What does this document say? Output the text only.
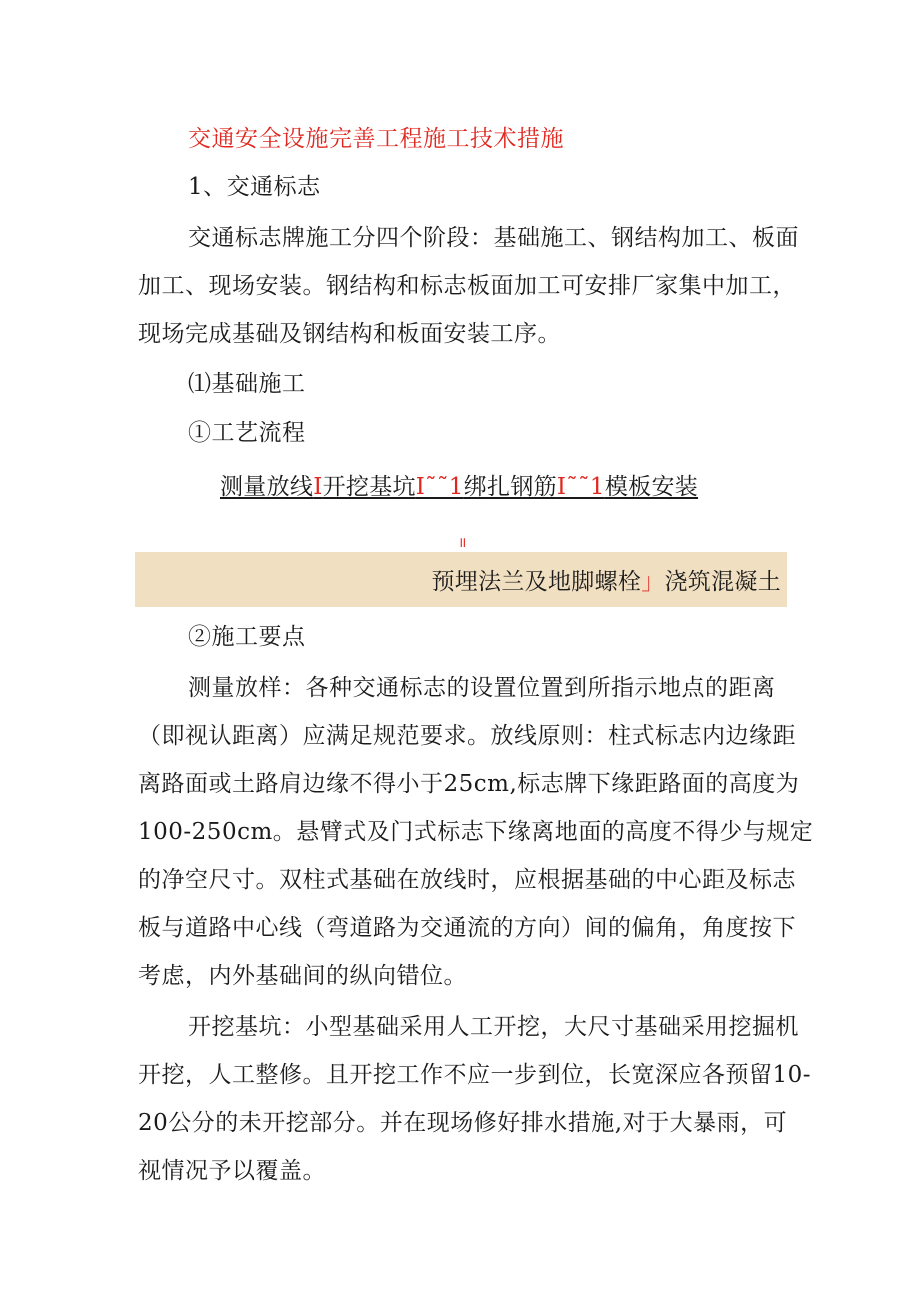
交通安全设施完善工程施工技术措施
1、交通标志
交通标志牌施工分四个阶段：基础施工、钢结构加工、板面
加工、现场安装。钢结构和标志板面加工可安排厂家集中加工，
现场完成基础及钢结构和板面安装工序。
⑴基础施工
①工艺流程
测量放线I开挖基坑I˜˜1绑扎钢筋I˜˜1模板安装
॥
预埋法兰及地脚螺栓」浇筑混凝土
②施工要点
测量放样：各种交通标志的设置位置到所指示地点的距离
（即视认距离）应满足规范要求。放线原则：柱式标志内边缘距
离路面或土路肩边缘不得小于25cm,标志牌下缘距路面的高度为
100-250cm。悬臂式及门式标志下缘离地面的高度不得少与规定
的净空尺寸。双柱式基础在放线时，应根据基础的中心距及标志
板与道路中心线（弯道路为交通流的方向）间的偏角，角度按下
考虑，内外基础间的纵向错位。
开挖基坑：小型基础采用人工开挖，大尺寸基础采用挖掘机
开挖，人工整修。且开挖工作不应一步到位，长宽深应各预留10-
20公分的未开挖部分。并在现场修好排水措施,对于大暴雨，可
视情况予以覆盖。
